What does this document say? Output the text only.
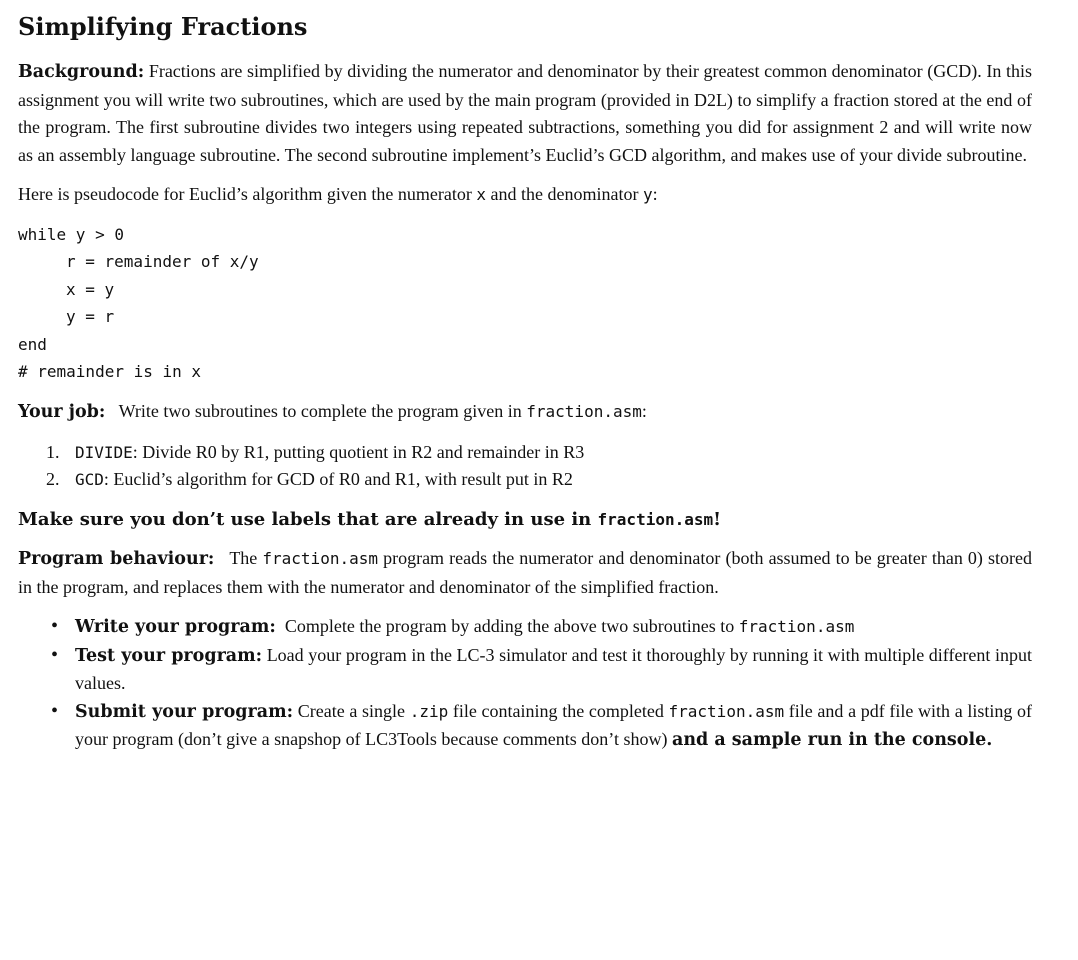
Simplifying Fractions

Background: Fractions are simplified by dividing the numerator and denominator by their greatest common denominator (GCD). In this assignment you will write two subroutines, which are used by the main program (provided in D2L) to simplify a fraction stored at the end of the program. The first subroutine divides two integers using repeated subtractions, something you did for assignment 2 and will write now as an assembly language subroutine. The second subroutine implement’s Euclid’s GCD algorithm, and makes use of your divide subroutine.

Here is pseudocode for Euclid’s algorithm given the numerator x and the denominator y:

while y > 0
r = remainder of x/y
x = y
y = r
end
# remainder is in x

Your job: Write two subroutines to complete the program given in fraction.asm:

1. DIVIDE: Divide R0 by R1, putting quotient in R2 and remainder in R3
2. GCD: Euclid’s algorithm for GCD of R0 and R1, with result put in R2
Make sure you don’t use labels that are already in use in fraction.asm!

Program behaviour: The fraction.asm program reads the numerator and denominator (both assumed to be greater than 0) stored in the program, and replaces them with the numerator and denominator of the simplified fraction.

• Write your program: Complete the program by adding the above two subroutines to fraction.asm
• Test your program: Load your program in the LC-3 simulator and test it thoroughly by running it with multiple different input values.
• Submit your program: Create a single .zip file containing the completed fraction.asm file and a pdf file with a listing of your program (don’t give a snapshop of LC3Tools because comments don’t show) and a sample run in the console.
